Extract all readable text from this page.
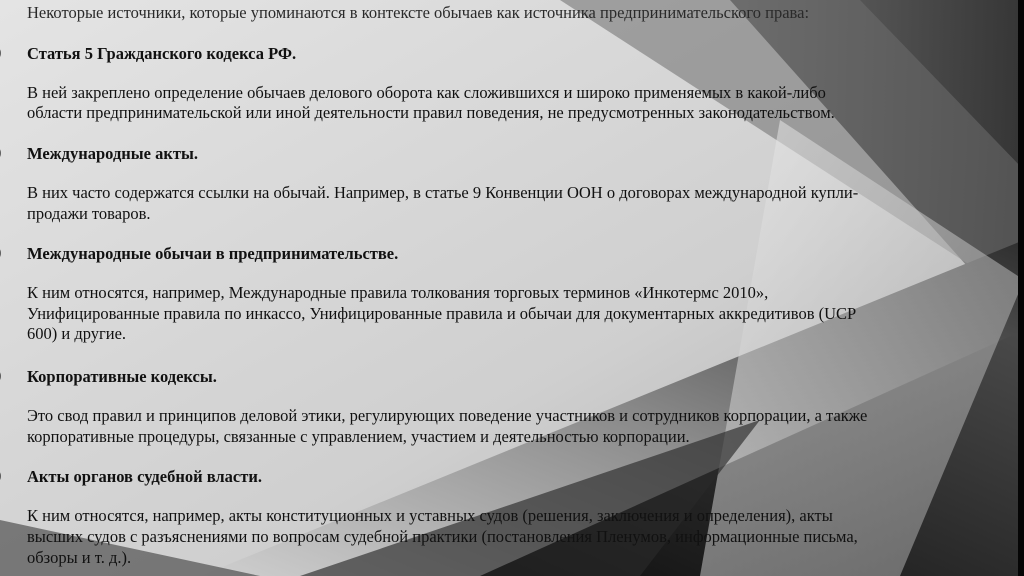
Некоторые источники, которые упоминаются в контексте обычаев как источника предпринимательского права:
Статья 5 Гражданского кодекса РФ.
В ней закреплено определение обычаев делового оборота как сложившихся и широко применяемых в какой-либо
области предпринимательской или иной деятельности правил поведения, не предусмотренных законодательством.
Международные акты.
В них часто содержатся ссылки на обычай. Например, в статье 9 Конвенции ООН о договорах международной купли-
продажи товаров.
Международные обычаи в предпринимательстве.
К ним относятся, например, Международные правила толкования торговых терминов «Инкотермс 2010»,
Унифицированные правила по инкассо, Унифицированные правила и обычаи для документарных аккредитивов (UCP
600) и другие.
Корпоративные кодексы.
Это свод правил и принципов деловой этики, регулирующих поведение участников и сотрудников корпорации, а также
корпоративные процедуры, связанные с управлением, участием и деятельностью корпорации.
Акты органов судебной власти.
К ним относятся, например, акты конституционных и уставных судов (решения, заключения и определения), акты
высших судов с разъяснениями по вопросам судебной практики (постановления Пленумов, информационные письма,
обзоры и т. д.).
